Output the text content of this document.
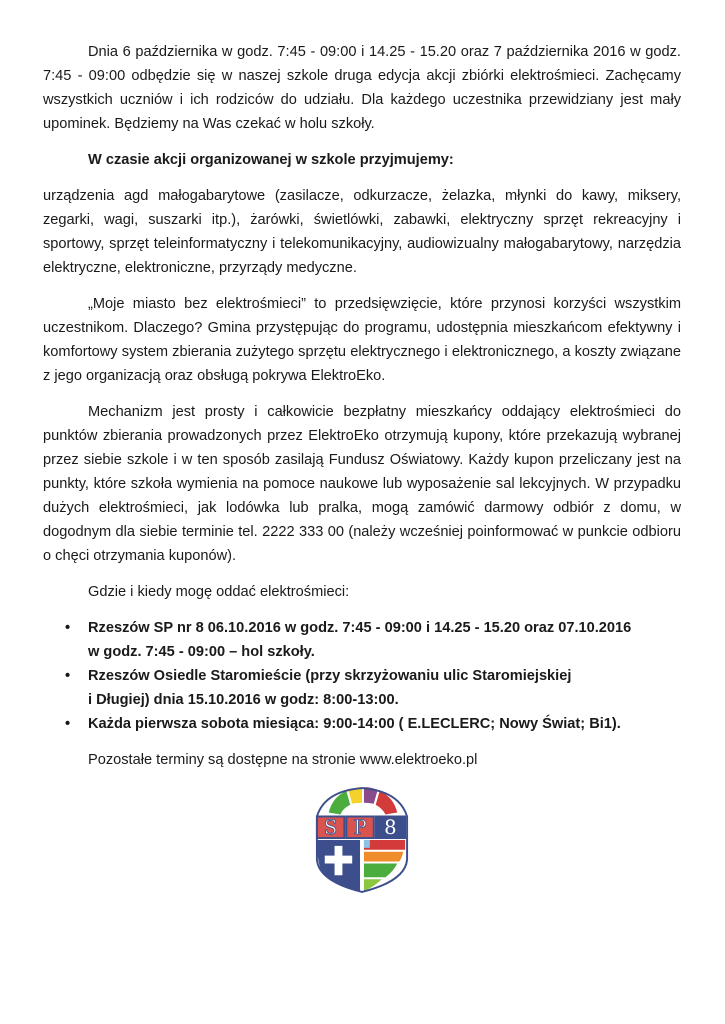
Dnia 6 października w godz. 7:45 - 09:00 i 14.25 - 15.20 oraz 7 października 2016 w godz. 7:45 - 09:00 odbędzie się w naszej szkole druga edycja akcji zbiórki elektrośmieci. Zachęcamy wszystkich uczniów i ich rodziców do udziału. Dla każdego uczestnika przewidziany jest mały upominek. Będziemy na Was czekać w holu szkoły.

W czasie akcji organizowanej w szkole przyjmujemy:

urządzenia agd małogabarytowe (zasilacze, odkurzacze, żelazka, młynki do kawy, miksery, zegarki, wagi, suszarki itp.), żarówki, świetlówki, zabawki, elektryczny sprzęt rekreacyjny i sportowy, sprzęt teleinformatyczny i telekomunikacyjny, audiowizualny małogabarytowy, narzędzia elektryczne, elektroniczne, przyrządy medyczne.

„Moje miasto bez elektrośmieci” to przedsięwzięcie, które przynosi korzyści wszystkim uczestnikom. Dlaczego? Gmina przystępując do programu, udostępnia mieszkańcom efektywny i komfortowy system zbierania zużytego sprzętu elektrycznego i elektronicznego, a koszty związane z jego organizacją oraz obsługą pokrywa ElektroEko.

Mechanizm jest prosty i całkowicie bezpłatny mieszkańcy oddający elektrośmieci do punktów zbierania prowadzonych przez ElektroEko otrzymują kupony, które przekazują wybranej przez siebie szkole i w ten sposób zasilają Fundusz Oświatowy. Każdy kupon przeliczany jest na punkty, które szkoła wymienia na pomoce naukowe lub wyposażenie sal lekcyjnych. W przypadku dużych elektrośmieci, jak lodówka lub pralka, mogą zamówić darmowy odbiór z domu, w dogodnym dla siebie terminie tel. 2222 333 00 (należy wcześniej poinformować w punkcie odbioru o chęci otrzymania kuponów).

Gdzie i kiedy mogę oddać elektrośmieci:

• Rzeszów SP nr 8 06.10.2016 w godz. 7:45 - 09:00 i 14.25 - 15.20 oraz 07.10.2016
w godz. 7:45 - 09:00 – hol szkoły.
• Rzeszów Osiedle Staromieście (przy skrzyżowaniu ulic Staromiejskiej
i Długiej) dnia 15.10.2016 w godz: 8:00-13:00.
• Każda pierwsza sobota miesiąca: 9:00-14:00 ( E.LECLERC; Nowy Świat; Bi1).

Pozostałe terminy są dostępne na stronie www.elektroeko.pl

S P 8
